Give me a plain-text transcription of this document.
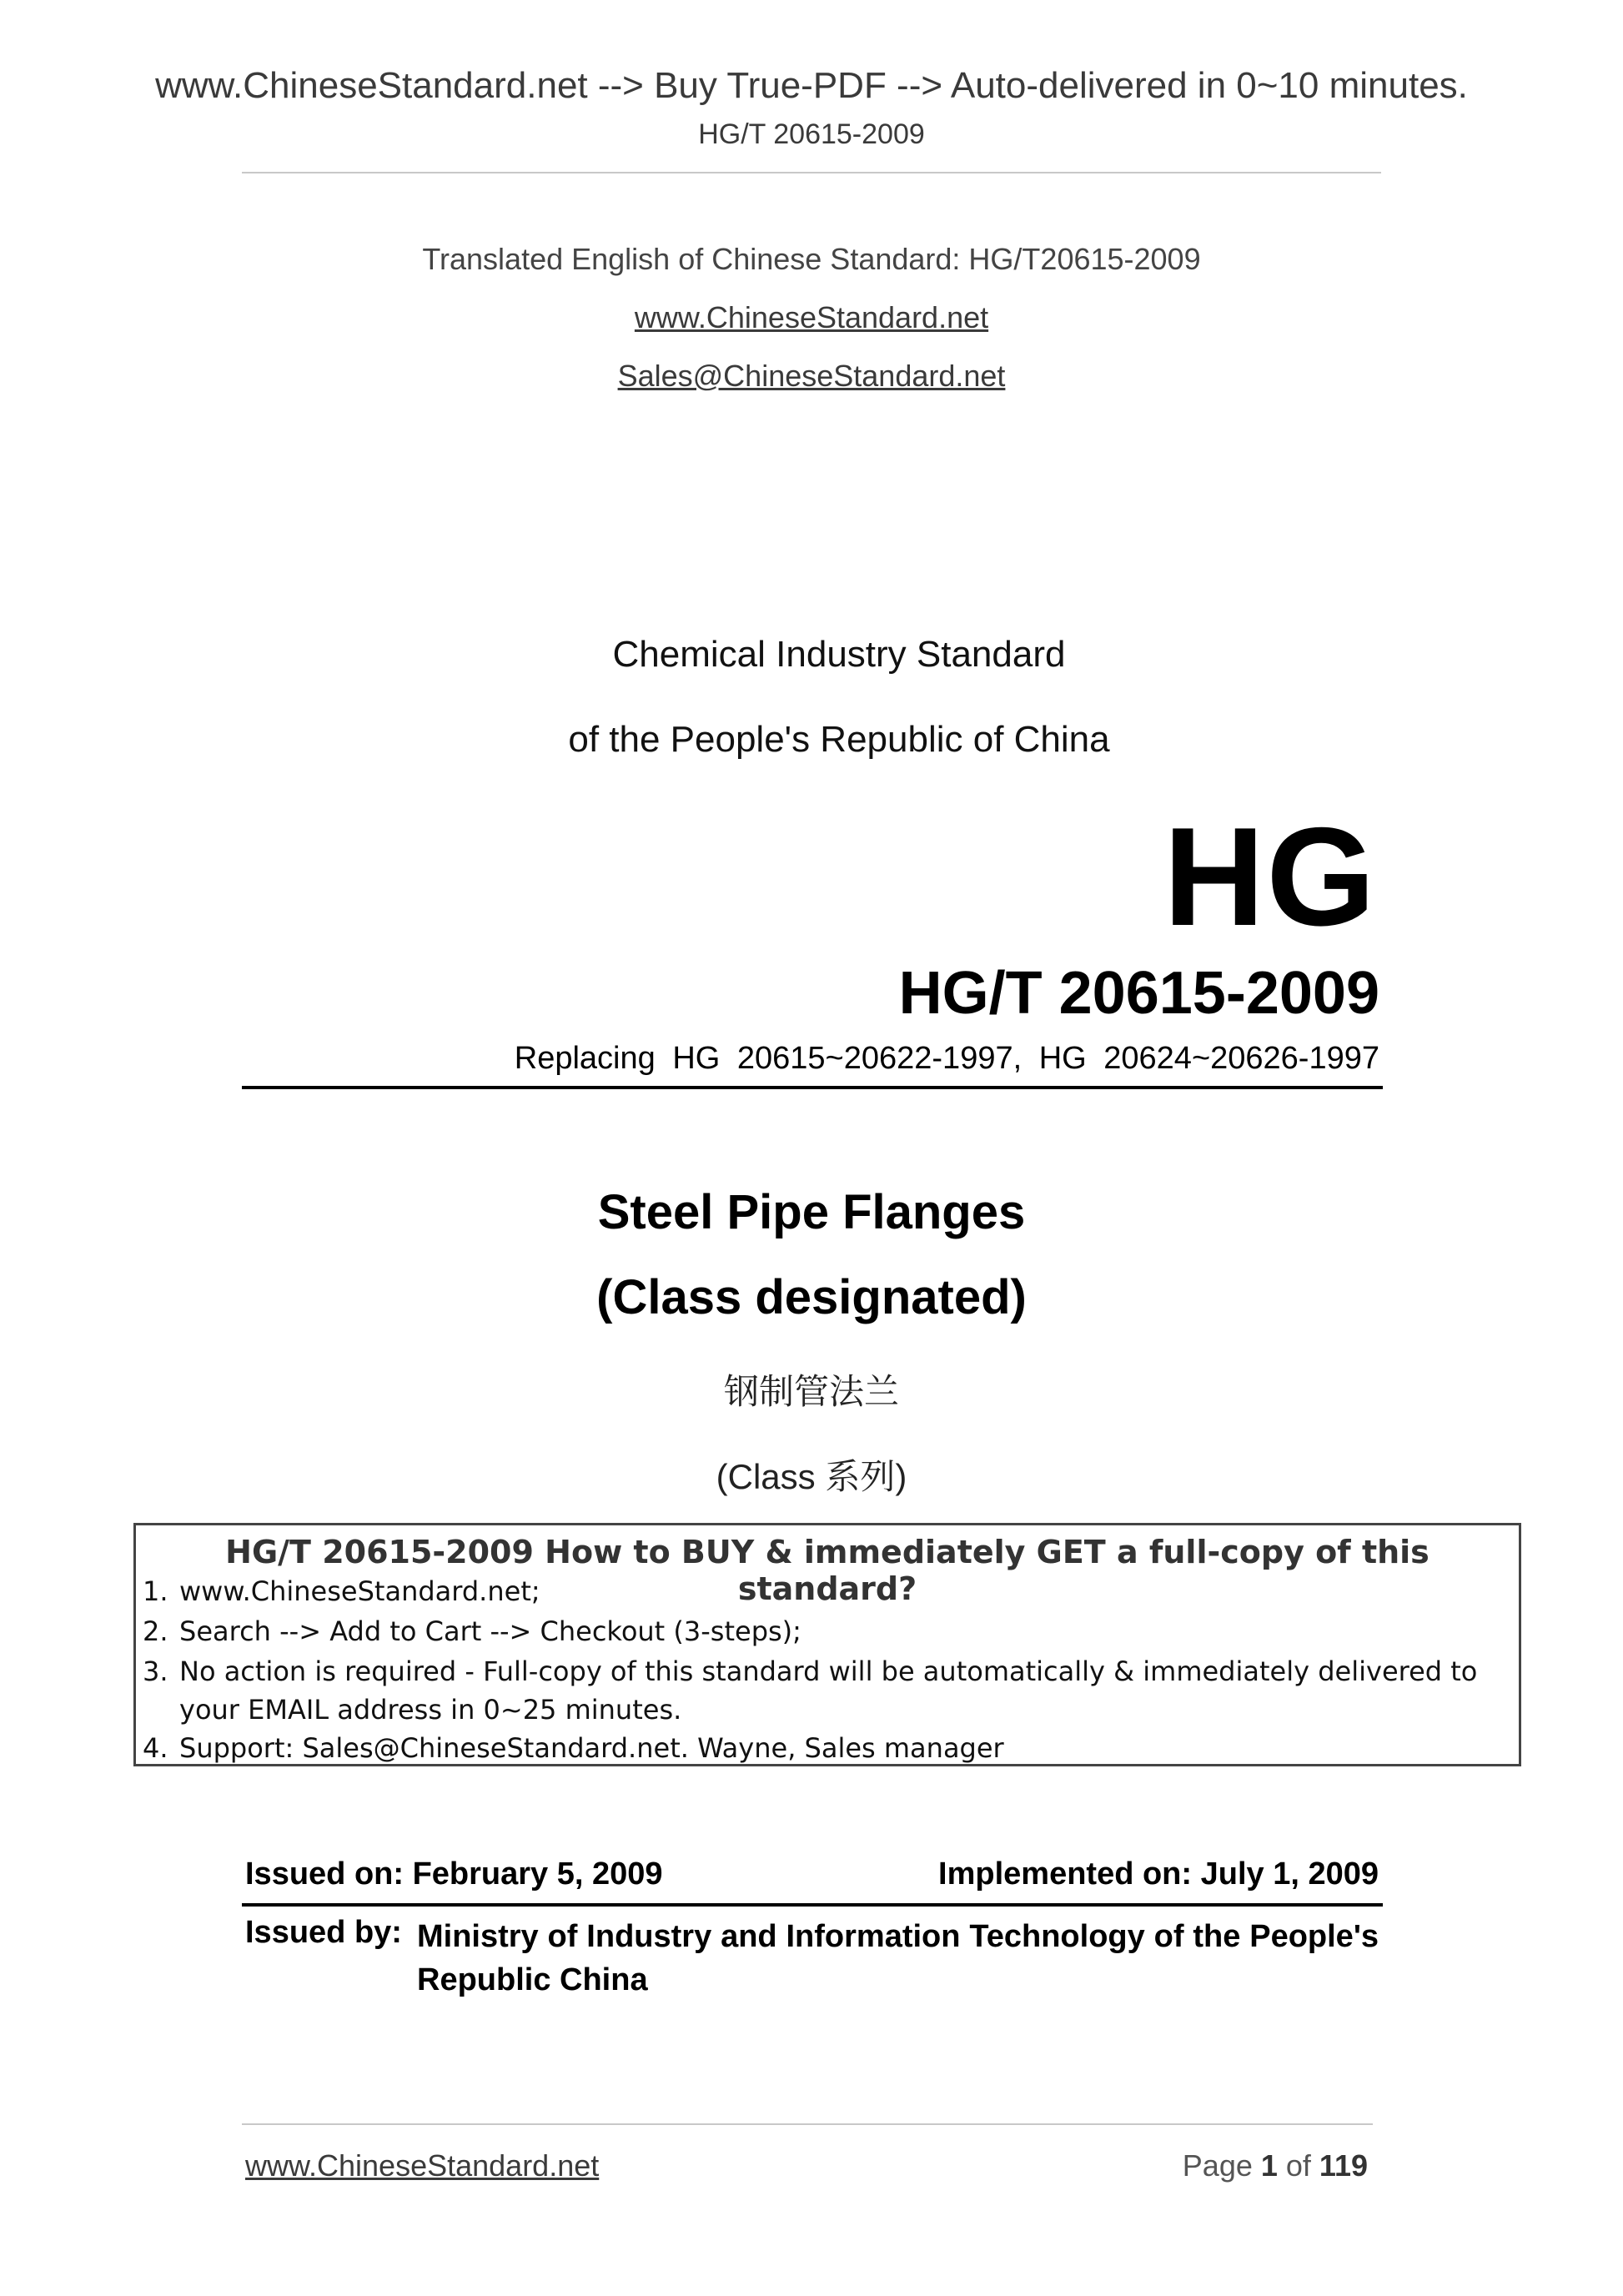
www.ChineseStandard.net --> Buy True-PDF --> Auto-delivered in 0~10 minutes.
HG/T 20615-2009
Translated English of Chinese Standard: HG/T20615-2009
www.ChineseStandard.net
Sales@ChineseStandard.net
Chemical Industry Standard
of the People's Republic of China
HG
HG/T 20615-2009
Replacing HG 20615~20622-1997, HG 20624~20626-1997
Steel Pipe Flanges
(Class designated)
钢制管法兰
(Class 系列)
HG/T 20615-2009 How to BUY & immediately GET a full-copy of this standard?
1. www.ChineseStandard.net;
2. Search --> Add to Cart --> Checkout (3-steps);
3. No action is required - Full-copy of this standard will be automatically & immediately delivered to
your EMAIL address in 0~25 minutes.
4. Support: Sales@ChineseStandard.net. Wayne, Sales manager
Issued on: February 5, 2009	Implemented on: July 1, 2009
Issued by: Ministry of Industry and Information Technology of the People's Republic China
www.ChineseStandard.net	Page 1 of 119
